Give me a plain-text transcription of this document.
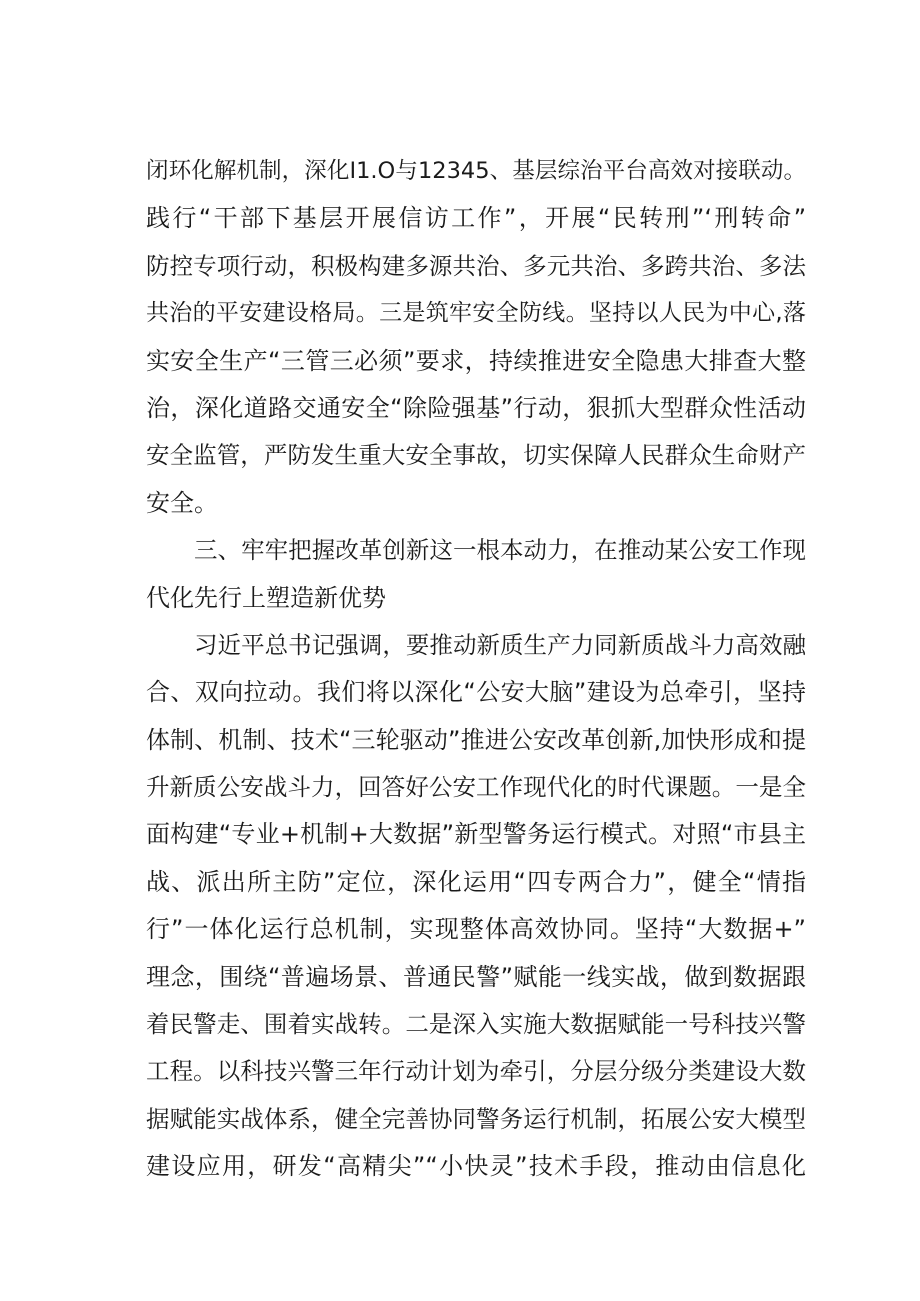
闭环化解机制，深化I1.O与12345、基层综治平台高效对接联动。
践行“干部下基层开展信访工作”，开展“民转刑”‘刑转命”
防控专项行动，积极构建多源共治、多元共治、多跨共治、多法
共治的平安建设格局。三是筑牢安全防线。坚持以人民为中心,落
实安全生产“三管三必须”要求，持续推进安全隐患大排查大整
治，深化道路交通安全“除险强基”行动，狠抓大型群众性活动
安全监管，严防发生重大安全事故，切实保障人民群众生命财产
安全。
三、牢牢把握改革创新这一根本动力，在推动某公安工作现
代化先行上塑造新优势
习近平总书记强调，要推动新质生产力同新质战斗力高效融
合、双向拉动。我们将以深化“公安大脑”建设为总牵引，坚持
体制、机制、技术“三轮驱动”推进公安改革创新,加快形成和提
升新质公安战斗力，回答好公安工作现代化的时代课题。一是全
面构建“专业+机制+大数据”新型警务运行模式。对照“市县主
战、派出所主防”定位，深化运用“四专两合力”，健全“情指
行”一体化运行总机制，实现整体高效协同。坚持“大数据+”
理念，围绕“普遍场景、普通民警”赋能一线实战，做到数据跟
着民警走、围着实战转。二是深入实施大数据赋能一号科技兴警
工程。以科技兴警三年行动计划为牵引，分层分级分类建设大数
据赋能实战体系，健全完善协同警务运行机制，拓展公安大模型
建设应用，研发“高精尖”“小快灵”技术手段，推动由信息化
